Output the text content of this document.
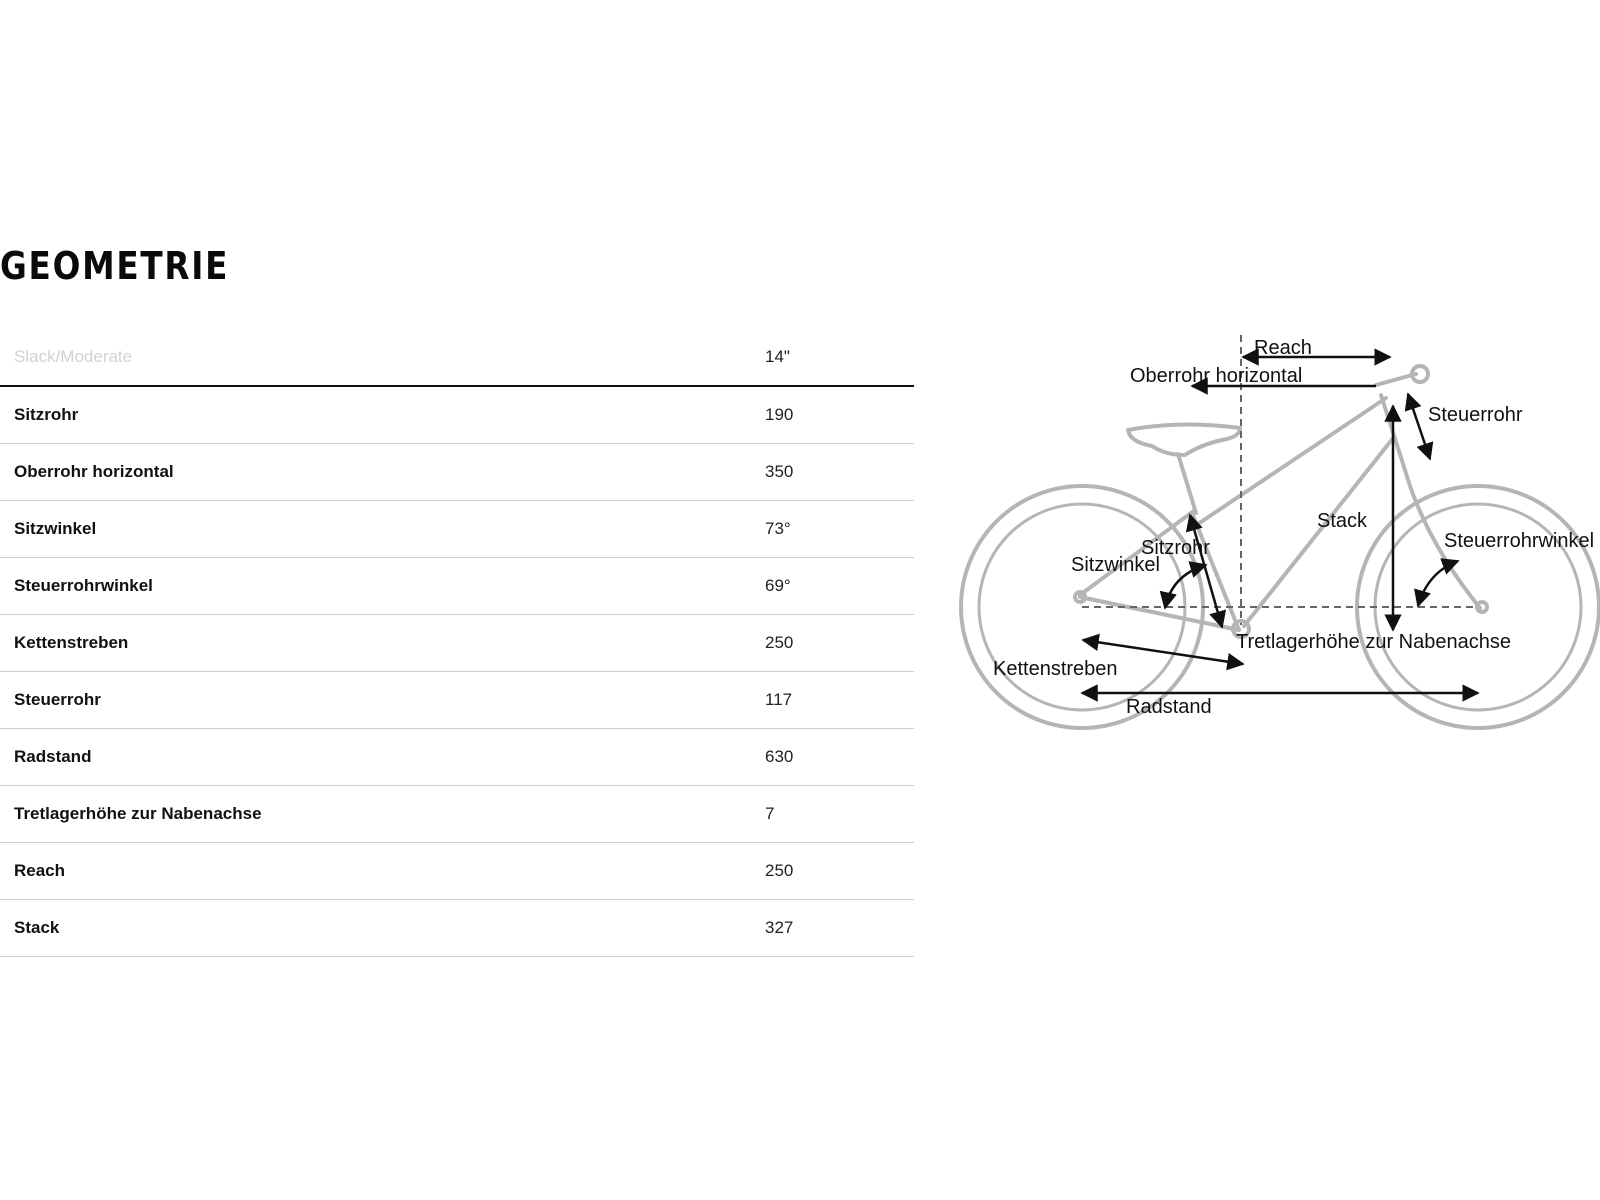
GEOMETRIE
Slack/Moderate	14"
Sitzrohr	190
Oberrohr horizontal	350
Sitzwinkel	73°
Steuerrohrwinkel	69°
Kettenstreben	250
Steuerrohr	117
Radstand	630
Tretlagerhöhe zur Nabenachse	7
Reach	250
Stack	327
Reach
Oberrohr horizontal
Steuerrohr
Stack
Sitzrohr
Sitzwinkel
Steuerrohrwinkel
Tretlagerhöhe zur Nabenachse
Kettenstreben
Radstand
